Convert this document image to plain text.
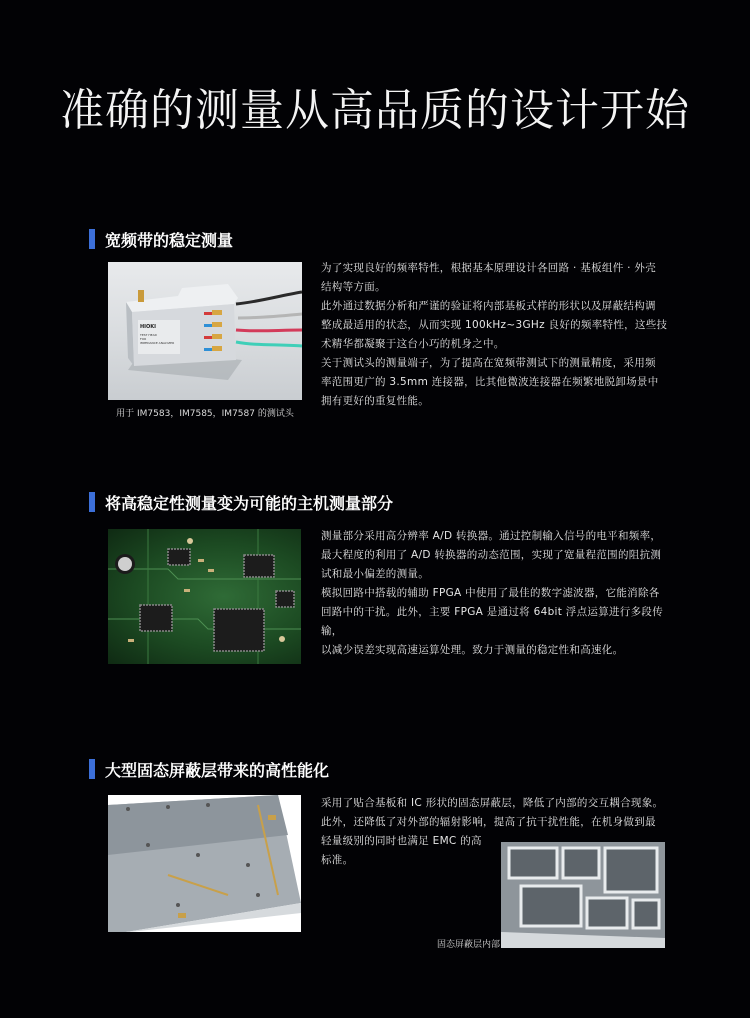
准确的测量从高品质的设计开始
宽频带的稳定测量
HIOKI
TEST HEAD
FOR
IMPEDANCE ANALYZER
用于 IM7583，IM7585，IM7587 的测试头

为了实现良好的频率特性，根据基本原理设计各回路 · 基板组件 · 外壳

结构等方面。

此外通过数据分析和严谨的验证将内部基板式样的形状以及屏蔽结构调

整成最适用的状态，从而实现 100kHz~3GHz 良好的频率特性，这些技

术精华都凝聚于这台小巧的机身之中。

关于测试头的测量端子，为了提高在宽频带测试下的测量精度，采用频

率范围更广的 3.5mm 连接器，比其他微波连接器在频繁地脱卸场景中

拥有更好的重复性能。

将高稳定性测量变为可能的主机测量部分

测量部分采用高分辨率 A/D 转换器。通过控制输入信号的电平和频率，

最大程度的利用了 A/D 转换器的动态范围，实现了宽量程范围的阻抗测

试和最小偏差的测量。

模拟回路中搭载的辅助 FPGA 中使用了最佳的数字滤波器，它能消除各

回路中的干扰。此外，主要 FPGA 是通过将 64bit 浮点运算进行多段传输，

以减少误差实现高速运算处理。致力于测量的稳定性和高速化。

大型固态屏蔽层带来的高性能化

采用了贴合基板和 IC 形状的固态屏蔽层，降低了内部的交互耦合现象。

此外，还降低了对外部的辐射影响，提高了抗干扰性能，在机身做到最

轻量级别的同时也满足 EMC 的高

标准。

固态屏蔽层内部
